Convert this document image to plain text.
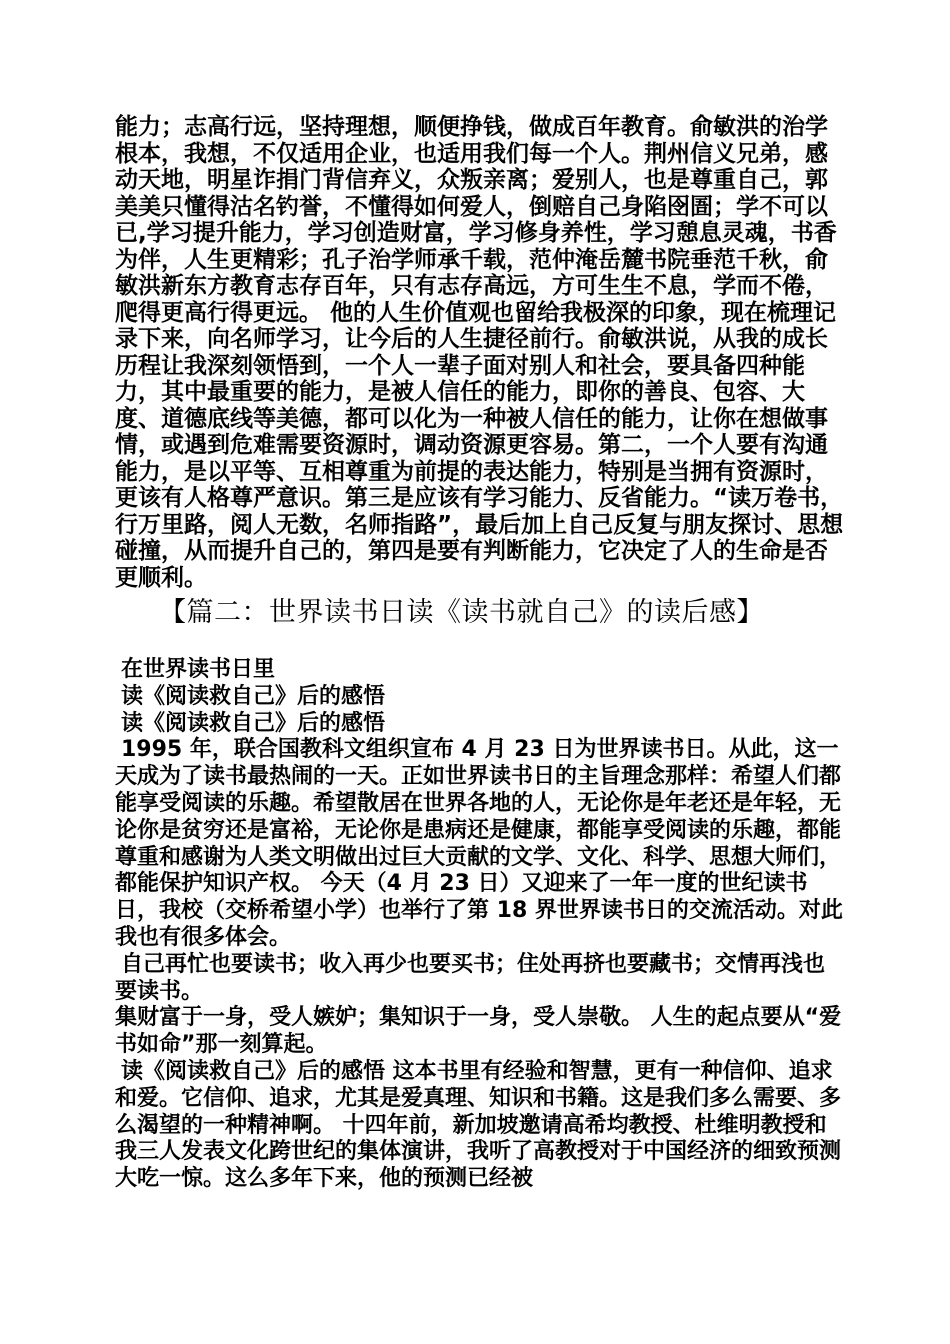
能力；志高行远，坚持理想，顺便挣钱，做成百年教育。俞敏洪的治学根本，我想，不仅适用企业，也适用我们每一个人。荆州信义兄弟，感动天地，明星诈捐门背信弃义，众叛亲离；爱别人，也是尊重自己，郭美美只懂得沽名钓誉，不懂得如何爱人，倒赔自己身陷囹圄；学不可以已,学习提升能力，学习创造财富，学习修身养性，学习憩息灵魂，书香为伴，人生更精彩；孔子治学师承千载，范仲淹岳麓书院垂范千秋，俞敏洪新东方教育志存百年，只有志存高远，方可生生不息，学而不倦，爬得更高行得更远。 他的人生价值观也留给我极深的印象，现在梳理记录下来，向名师学习，让今后的人生捷径前行。俞敏洪说，从我的成长历程让我深刻领悟到，一个人一辈子面对别人和社会，要具备四种能力，其中最重要的能力，是被人信任的能力，即你的善良、包容、大度、道德底线等美德，都可以化为一种被人信任的能力，让你在想做事情，或遇到危难需要资源时，调动资源更容易。第二，一个人要有沟通能力，是以平等、互相尊重为前提的表达能力，特别是当拥有资源时，更该有人格尊严意识。第三是应该有学习能力、反省能力。“读万卷书，行万里路，阅人无数，名师指路”，最后加上自己反复与朋友探讨、思想碰撞，从而提升自己的，第四是要有判断能力，它决定了人的生命是否更顺利。

【篇二：世界读书日读《读书就自己》的读后感】

在世界读书日里

读《阅读救自己》后的感悟

读《阅读救自己》后的感悟

1995 年，联合国教科文组织宣布 4 月 23 日为世界读书日。从此，这一天成为了读书最热闹的一天。正如世界读书日的主旨理念那样：希望人们都能享受阅读的乐趣。希望散居在世界各地的人，无论你是年老还是年轻，无论你是贫穷还是富裕，无论你是患病还是健康，都能享受阅读的乐趣，都能尊重和感谢为人类文明做出过巨大贡献的文学、文化、科学、思想大师们，都能保护知识产权。 今天（4 月 23 日）又迎来了一年一度的世纪读书日，我校（交桥希望小学）也举行了第 18 界世界读书日的交流活动。对此我也有很多体会。

自己再忙也要读书；收入再少也要买书；住处再挤也要藏书；交情再浅也要读书。

集财富于一身，受人嫉妒；集知识于一身，受人崇敬。 人生的起点要从“爱书如命”那一刻算起。

读《阅读救自己》后的感悟 这本书里有经验和智慧，更有一种信仰、追求和爱。它信仰、追求，尤其是爱真理、知识和书籍。这是我们多么需要、多么渴望的一种精神啊。 十四年前，新加坡邀请高希均教授、杜维明教授和我三人发表文化跨世纪的集体演讲，我听了高教授对于中国经济的细致预测大吃一惊。这么多年下来，他的预测已经被
